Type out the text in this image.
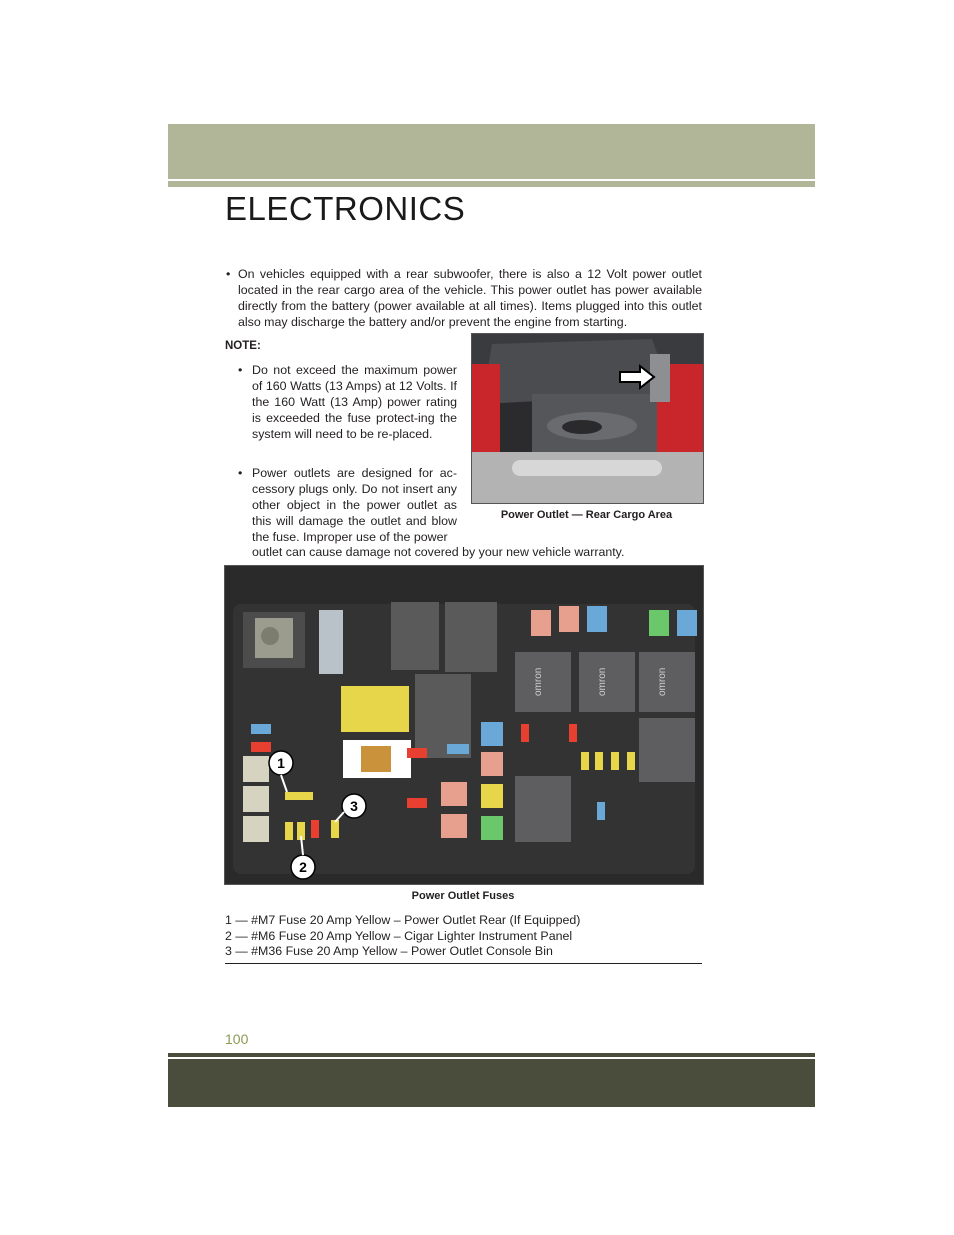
ELECTRONICS
• On vehicles equipped with a rear subwoofer, there is also a 12 Volt power outlet located in the rear cargo area of the vehicle. This power outlet has power available directly from the battery (power available at all times). Items plugged into this outlet also may discharge the battery and/or prevent the engine from starting.
NOTE:
• Do not exceed the maximum power of 160 Watts (13 Amps) at 12 Volts. If the 160 Watt (13 Amp) power rating is exceeded the fuse protect-ing the system will need to be re-placed.
• Power outlets are designed for ac-cessory plugs only. Do not insert any other object in the power outlet as this will damage the outlet and blow the fuse. Improper use of the power
outlet can cause damage not covered by your new vehicle warranty.
Power Outlet — Rear Cargo Area
omron	omron	omron
1
2
3
Power Outlet Fuses
1 — #M7 Fuse 20 Amp Yellow – Power Outlet Rear (If Equipped)
2 — #M6 Fuse 20 Amp Yellow – Cigar Lighter Instrument Panel
3 — #M36 Fuse 20 Amp Yellow – Power Outlet Console Bin
100
